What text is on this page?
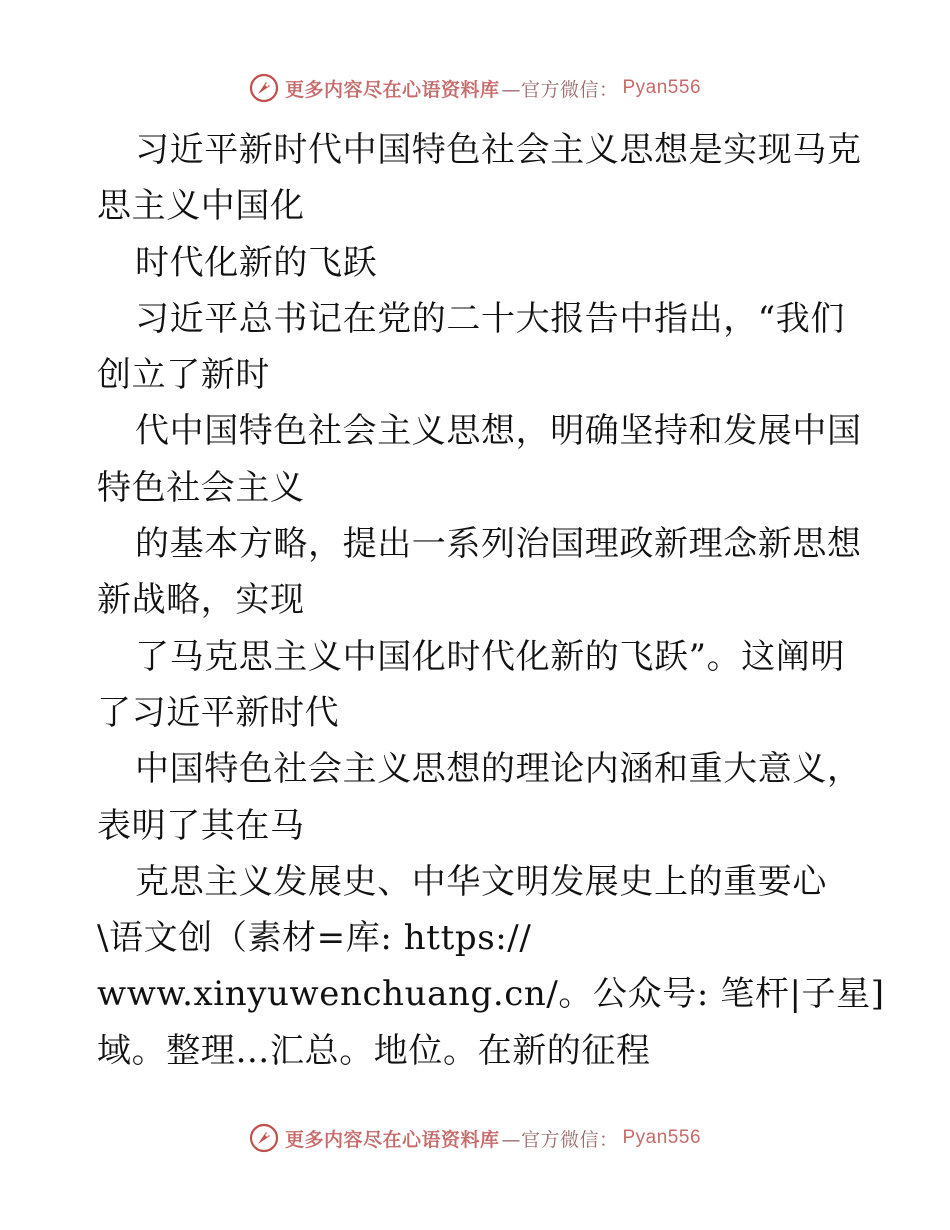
更多内容尽在心语资料库 —官方微信： Pyan556
习近平新时代中国特色社会主义思想是实现马克
思主义中国化
时代化新的飞跃
习近平总书记在党的二十大报告中指出，“我们
创立了新时
代中国特色社会主义思想，明确坚持和发展中国
特色社会主义
的基本方略，提出一系列治国理政新理念新思想
新战略，实现
了马克思主义中国化时代化新的飞跃”。这阐明
了习近平新时代
中国特色社会主义思想的理论内涵和重大意义，
表明了其在马
克思主义发展史、中华文明发展史上的重要心
\语文创（素材=库: https://
www.xinyuwenchuang.cn/。公众号: 笔杆|子星]
域。整理…汇总。地位。在新的征程
更多内容尽在心语资料库 —官方微信： Pyan556
